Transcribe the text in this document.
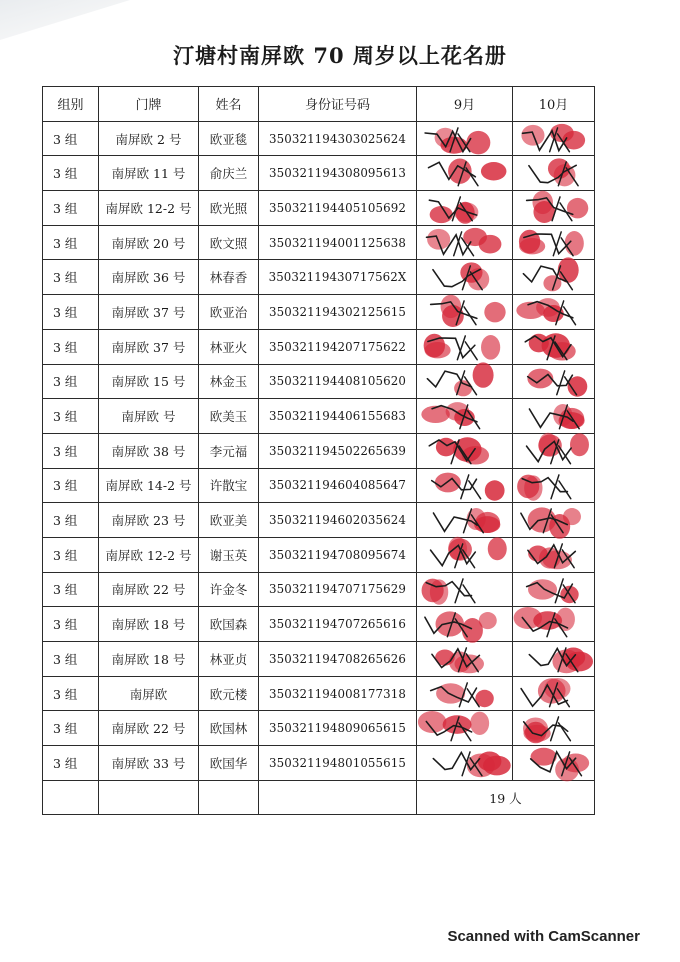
汀塘村南屏欧 70 周岁以上花名册
组别	门牌	姓名	身份证号码	9月	10月
3 组	南屏欧 2 号	欧亚毯	350321194303025624	

3 组	南屏欧 11 号	俞庆兰	350321194308095613	

3 组	南屏欧 12-2 号	欧光照	350321194405105692	

3 组	南屏欧 20 号	欧文照	350321194001125638	

3 组	南屏欧 36 号	林春香	35032119430717562X	

3 组	南屏欧 37 号	欧亚治	350321194302125615	

3 组	南屏欧 37 号	林亚火	350321194207175622	

3 组	南屏欧 15 号	林金玉	350321194408105620	

3 组	南屏欧 号	欧美玉	350321194406155683	

3 组	南屏欧 38 号	李元福	350321194502265639	

3 组	南屏欧 14-2 号	许散宝	350321194604085647	

3 组	南屏欧 23 号	欧亚美	350321194602035624	

3 组	南屏欧 12-2 号	谢玉英	350321194708095674	

3 组	南屏欧 22 号	许金冬	350321194707175629	

3 组	南屏欧 18 号	欧国森	350321194707265616	

3 组	南屏欧 18 号	林亚贞	350321194708265626	

3 组	南屏欧	欧元楼	350321194008177318	

3 组	南屏欧 22 号	欧国林	350321194809065615	

3 组	南屏欧 33 号	欧国华	350321194801055615	

				19 人	
Scanned with CamScanner
